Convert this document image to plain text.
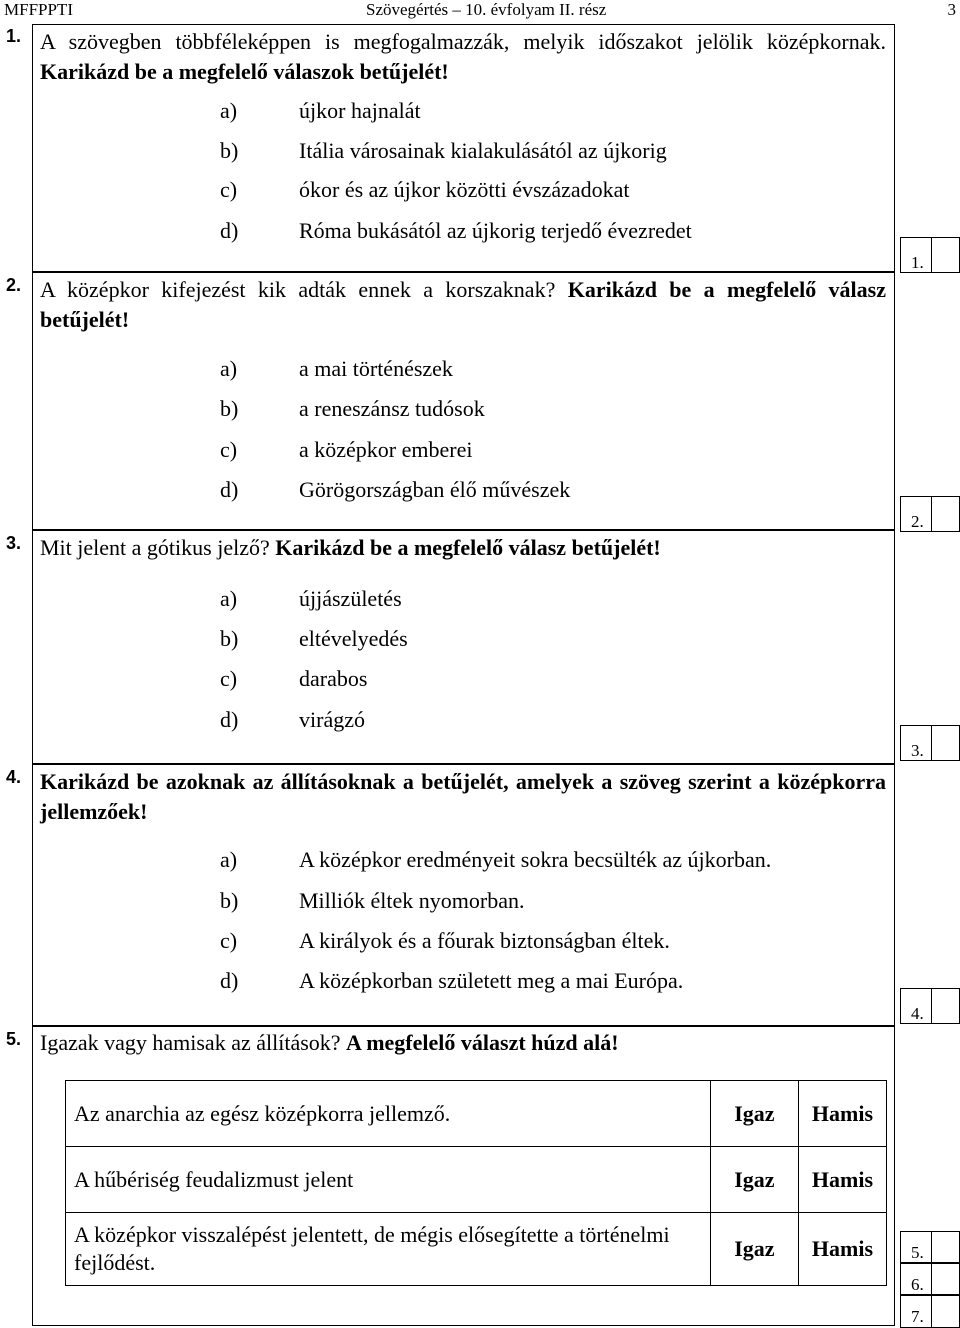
MFFPPTI	Szövegértés – 10. évfolyam II. rész	3
1. A szövegben többféleképpen is megfogalmazzák, melyik időszakot jelölik középkornak. Karikázd be a megfelelő válaszok betűjelét!
a)	újkor hajnalát
b)	Itália városainak kialakulásától az újkorig
c)	ókor és az újkor közötti évszázadokat
d)	Róma bukásától az újkorig terjedő évezredet
2. A középkor kifejezést kik adták ennek a korszaknak? Karikázd be a megfelelő válasz betűjelét!
a)	a mai történészek
b)	a reneszánsz tudósok
c)	a középkor emberei
d)	Görögországban élő művészek
3. Mit jelent a gótikus jelző? Karikázd be a megfelelő válasz betűjelét!
a)	újjászületés
b)	eltévelyedés
c)	darabos
d)	virágzó
4. Karikázd be azoknak az állításoknak a betűjelét, amelyek a szöveg szerint a középkorra jellemzőek!
a)	A középkor eredményeit sokra becsülték az újkorban.
b)	Milliók éltek nyomorban.
c)	A királyok és a főurak biztonságban éltek.
d)	A középkorban született meg a mai Európa.
5. Igazak vagy hamisak az állítások? A megfelelő választ húzd alá!
Az anarchia az egész középkorra jellemző.	Igaz	Hamis
A hűbériség feudalizmust jelent	Igaz	Hamis
A középkor visszalépést jelentett, de mégis elősegítette a történelmi fejlődést.	Igaz	Hamis
1.
2.
3.
4.
5.
6.
7.
